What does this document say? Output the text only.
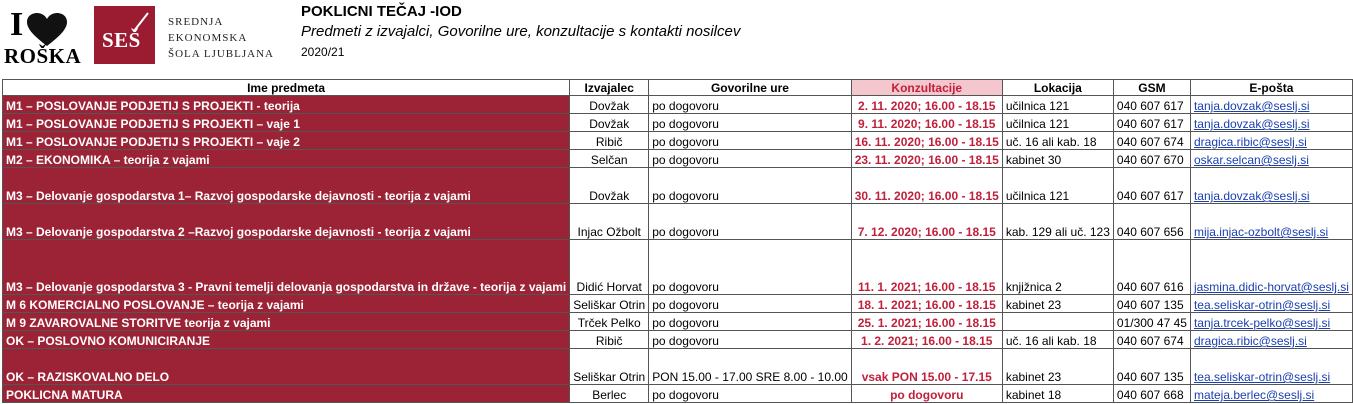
I
ROŠKA
SEŠ
SREDNJA
EKONOMSKA
ŠOLA LJUBLJANA
POKLICNI TEČAJ -IOD
Predmeti z izvajalci, Govorilne ure, konzultacije s kontakti nosilcev
2020/21
Ime predmeta	Izvajalec	Govorilne ure	Konzultacije	Lokacija	GSM	E-pošta
M1 – POSLOVANJE PODJETIJ S PROJEKTI - teorija	Dovžak	po dogovoru	2. 11. 2020; 16.00 - 18.15	učilnica 121	040 607 617	tanja.dovzak@seslj.si
M1 – POSLOVANJE PODJETIJ S PROJEKTI – vaje 1	Dovžak	po dogovoru	9. 11. 2020; 16.00 - 18.15	učilnica 121	040 607 617	tanja.dovzak@seslj.si
M1 – POSLOVANJE PODJETIJ S PROJEKTI – vaje 2	Ribič	po dogovoru	16. 11. 2020; 16.00 - 18.15	uč. 16 ali kab. 18	040 607 674	dragica.ribic@seslj.si
M2 – EKONOMIKA – teorija z vajami	Selčan	po dogovoru	23. 11. 2020; 16.00 - 18.15	kabinet 30	040 607 670	oskar.selcan@seslj.si
M3 – Delovanje gospodarstva 1– Razvoj gospodarske dejavnosti - teorija z vajami	Dovžak	po dogovoru	30. 11. 2020; 16.00 - 18.15	učilnica 121	040 607 617	tanja.dovzak@seslj.si
M3 – Delovanje gospodarstva 2 –Razvoj gospodarske dejavnosti - teorija z vajami	Injac Ožbolt	po dogovoru	7. 12. 2020; 16.00 - 18.15	kab. 129 ali uč. 123	040 607 656	mija.injac-ozbolt@seslj.si
M3 – Delovanje gospodarstva 3 - Pravni temelji delovanja gospodarstva in države - teorija z vajami	Didić Horvat	po dogovoru	11. 1. 2021; 16.00 - 18.15	knjižnica 2	040 607 616	jasmina.didic-horvat@seslj.si
M 6 KOMERCIALNO POSLOVANJE – teorija z vajami	Seliškar Otrin	po dogovoru	18. 1. 2021; 16.00 - 18.15	kabinet 23	040 607 135	tea.seliskar-otrin@seslj.si
M 9 ZAVAROVALNE STORITVE teorija z vajami	Trček Pelko	po dogovoru	25. 1. 2021; 16.00 - 18.15		01/300 47 45	tanja.trcek-pelko@seslj.si
OK – POSLOVNO KOMUNICIRANJE	Ribič	po dogovoru	1. 2. 2021; 16.00 - 18.15	uč. 16 ali kab. 18	040 607 674	dragica.ribic@seslj.si
OK – RAZISKOVALNO DELO	Seliškar Otrin	PON 15.00 - 17.00 SRE 8.00 - 10.00	vsak PON 15.00 - 17.15	kabinet 23	040 607 135	tea.seliskar-otrin@seslj.si
POKLICNA MATURA	Berlec	po dogovoru	po dogovoru	kabinet 18	040 607 668	mateja.berlec@seslj.si
